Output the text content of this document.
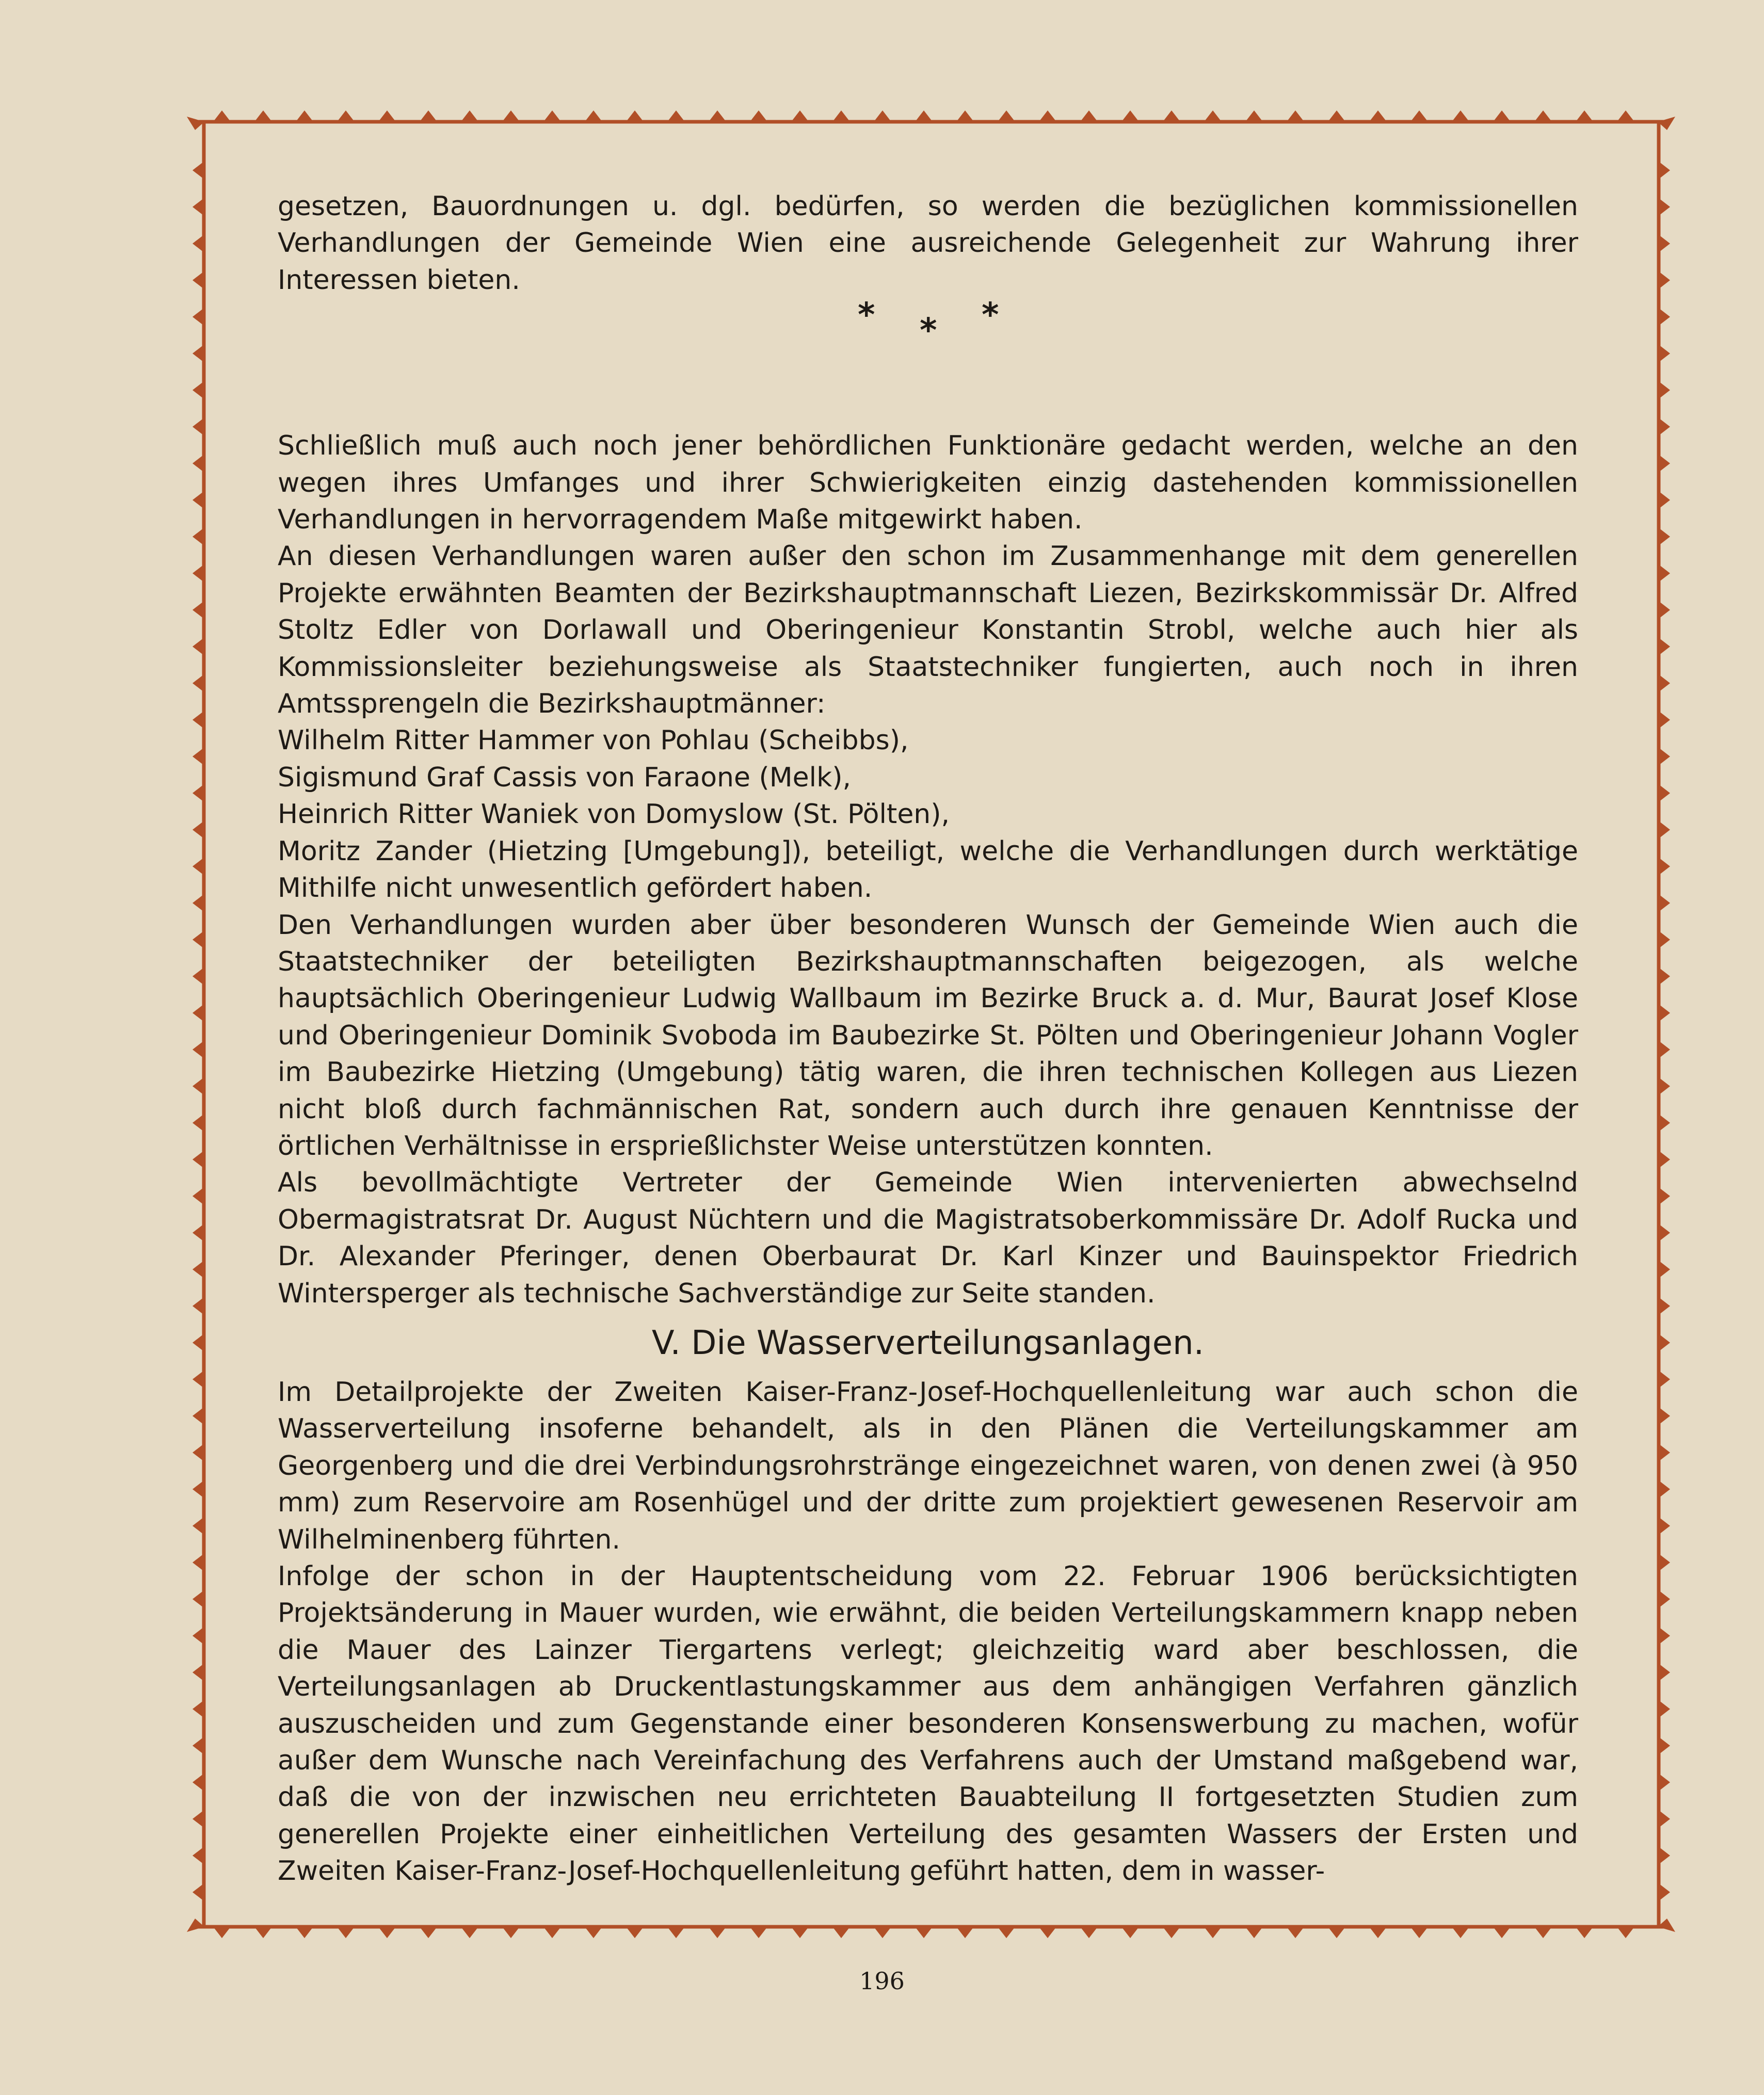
gesetzen, Bauordnungen u. dgl. bedürfen, so werden die bezüglichen kommissionellen Verhandlungen der Gemeinde Wien eine ausreichende Gelegenheit zur Wahrung ihrer Interessen bieten.

* * *

Schließlich muß auch noch jener behördlichen Funktionäre gedacht werden, welche an den wegen ihres Umfanges und ihrer Schwierigkeiten einzig dastehenden kommissionellen Verhandlungen in hervorragendem Maße mitgewirkt haben.

An diesen Verhandlungen waren außer den schon im Zusammenhange mit dem generellen Projekte erwähnten Beamten der Bezirkshauptmannschaft Liezen, Bezirkskommissär Dr. Alfred Stoltz Edler von Dorlawall und Oberingenieur Konstantin Strobl, welche auch hier als Kommissionsleiter beziehungsweise als Staatstechniker fungierten, auch noch in ihren Amtssprengeln die Bezirkshauptmänner:

Wilhelm Ritter Hammer von Pohlau (Scheibbs),

Sigismund Graf Cassis von Faraone (Melk),

Heinrich Ritter Waniek von Domyslow (St. Pölten),

Moritz Zander (Hietzing [Umgebung]), beteiligt, welche die Verhandlungen durch werktätige Mithilfe nicht unwesentlich gefördert haben.

Den Verhandlungen wurden aber über besonderen Wunsch der Gemeinde Wien auch die Staatstechniker der beteiligten Bezirkshauptmannschaften beigezogen, als welche hauptsächlich Oberingenieur Ludwig Wallbaum im Bezirke Bruck a. d. Mur, Baurat Josef Klose und Oberingenieur Dominik Svoboda im Baubezirke St. Pölten und Oberingenieur Johann Vogler im Baubezirke Hietzing (Umgebung) tätig waren, die ihren technischen Kollegen aus Liezen nicht bloß durch fachmännischen Rat, sondern auch durch ihre genauen Kenntnisse der örtlichen Verhältnisse in ersprießlichster Weise unterstützen konnten.

Als bevollmächtigte Vertreter der Gemeinde Wien intervenierten abwechselnd Obermagistratsrat Dr. August Nüchtern und die Magistratsoberkommissäre Dr. Adolf Rucka und Dr. Alexander Pferinger, denen Oberbaurat Dr. Karl Kinzer und Bauinspektor Friedrich Wintersperger als technische Sachverständige zur Seite standen.

V. Die Wasserverteilungsanlagen.

Im Detailprojekte der Zweiten Kaiser-Franz-Josef-Hochquellenleitung war auch schon die Wasserverteilung insoferne behandelt, als in den Plänen die Verteilungskammer am Georgenberg und die drei Verbindungsrohrstränge eingezeichnet waren, von denen zwei (à 950 mm) zum Reservoire am Rosenhügel und der dritte zum projektiert gewesenen Reservoir am Wilhelminenberg führten.

Infolge der schon in der Hauptentscheidung vom 22. Februar 1906 berücksichtigten Projektsänderung in Mauer wurden, wie erwähnt, die beiden Verteilungskammern knapp neben die Mauer des Lainzer Tiergartens verlegt; gleichzeitig ward aber beschlossen, die Verteilungsanlagen ab Druckentlastungskammer aus dem anhängigen Verfahren gänzlich auszuscheiden und zum Gegenstande einer besonderen Konsenswerbung zu machen, wofür außer dem Wunsche nach Vereinfachung des Verfahrens auch der Umstand maßgebend war, daß die von der inzwischen neu errichteten Bauabteilung II fortgesetzten Studien zum generellen Projekte einer einheitlichen Verteilung des gesamten Wassers der Ersten und Zweiten Kaiser-Franz-Josef-Hochquellenleitung geführt hatten, dem in wasser-

196
